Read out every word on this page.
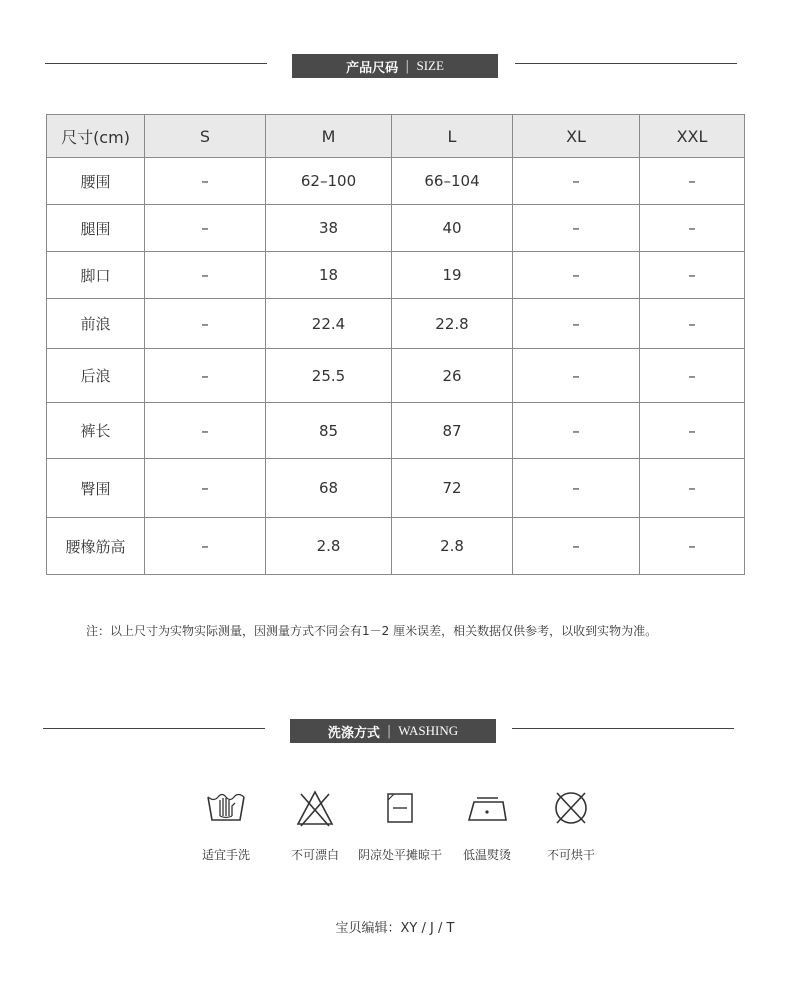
产品尺码 | SIZE
尺寸(cm)	S	M	L	XL	XXL
腰围	–	62–100	66–104	–	–
腿围	–	38	40	–	–
脚口	–	18	19	–	–
前浪	–	22.4	22.8	–	–
后浪	–	25.5	26	–	–
裤长	–	85	87	–	–
臀围	–	68	72	–	–
腰橡筋高	–	2.8	2.8	–	–
注：以上尺寸为实物实际测量，因测量方式不同会有1－2 厘米误差，相关数据仅供参考，以收到实物为准。
洗涤方式 | WASHING
适宜手洗	不可漂白	阴凉处平摊晾干	低温熨烫	不可烘干
宝贝编辑：XY / J / T
